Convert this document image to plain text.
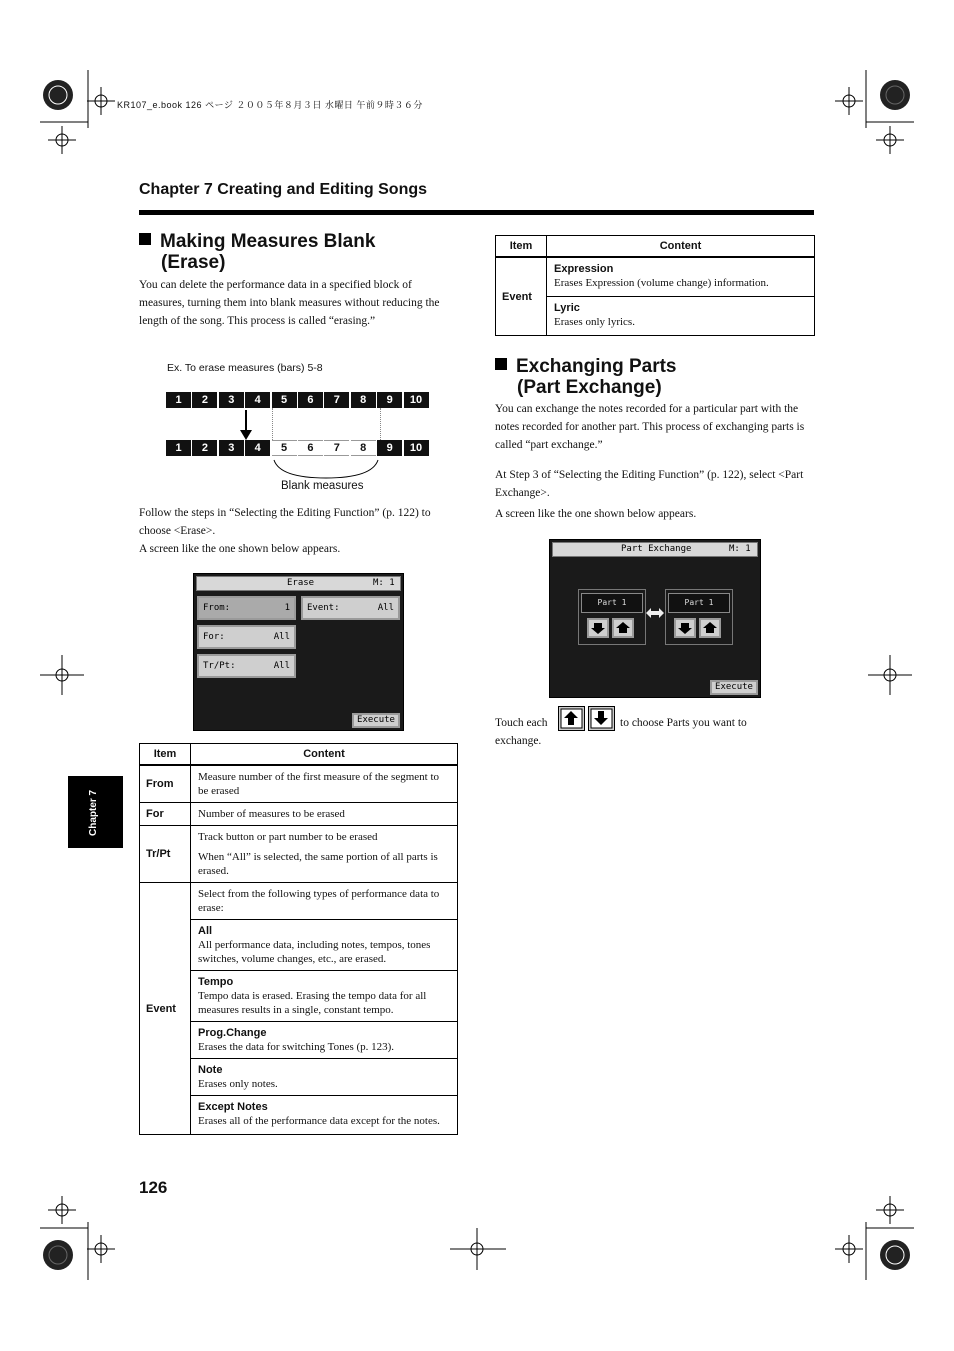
KR107_e.book 126 ページ ２００５年８月３日 水曜日 午前９時３６分
Chapter 7 Creating and Editing Songs
Making Measures Blank
(Erase)
You can delete the performance data in a specified block of measures, turning them into blank measures without reducing the length of the song. This process is called “erasing.”
Ex. To erase measures (bars) 5-8
1	2	3	4	5	6	7	8	9	10
1	2	3	4	5	6	7	8	9	10
Blank measures
Follow the steps in “Selecting the Editing Function” (p. 122) to choose <Erase>.
A screen like the one shown below appears.
Erase	M: 1
From:	1 Event:	All
For:	All
Tr/Pt:	All
Execute
Item	Content
From	Measure number of the first measure of the segment to be erased
For	Number of measures to be erased
Tr/Pt	Track button or part number to be erased
When “All” is selected, the same portion of all parts is erased.

Event	Select from the following types of performance data to erase:

	All
All performance data, including notes, tempos, tones switches, volume changes, etc., are erased.

	Tempo
Tempo data is erased. Erasing the tempo data for all measures results in a single, constant tempo.

	Prog.Change
Erases the data for switching Tones (p. 123).

	Note
Erases only notes.

	Except Notes
Erases all of the performance data except for the notes.
Chapter 7
126
Item	Content
Event	Expression
Erases Expression (volume change) information.

	Lyric
Erases only lyrics.
Exchanging Parts
(Part Exchange)
You can exchange the notes recorded for a particular part with the notes recorded for another part. This process of exchanging parts is called “part exchange.”
At Step 3 of “Selecting the Editing Function” (p. 122), select <Part Exchange>.
A screen like the one shown below appears.
Part Exchange	M: 1
Part 1	Part 1
Execute
Touch each	to choose Parts you want to
exchange.
